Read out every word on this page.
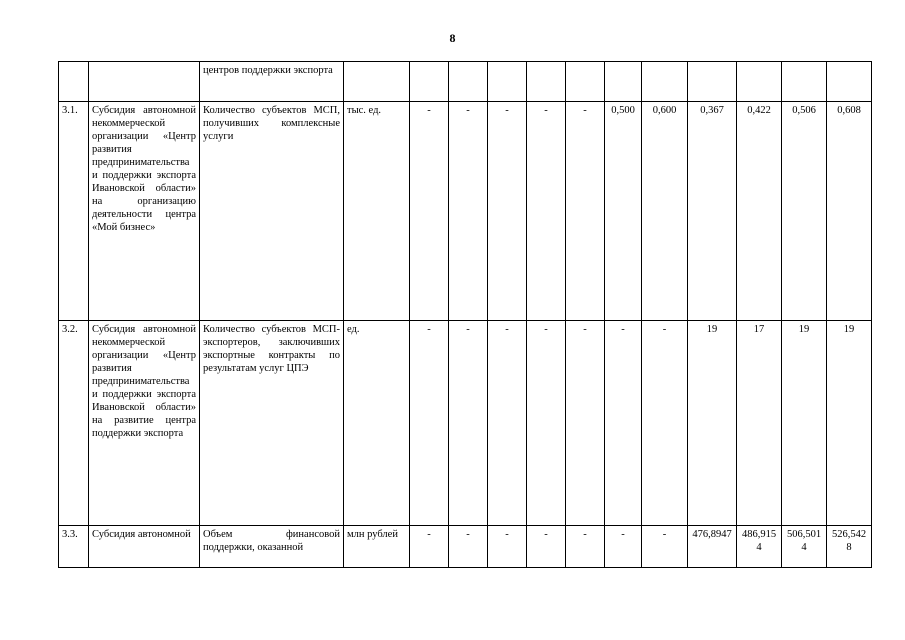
8
		центров поддержки экспорта												
3.1.	Субсидия автономной некоммерческой организации «Центр развития предпринимательства и поддержки экспорта Ивановской области» на организацию деятельности центра «Мой бизнес»	Количество субъектов МСП, получивших комплексные услуги	тыс. ед.	-	-	-	-	-	0,500	0,600	0,367	0,422	0,506	0,608
3.2.	Субсидия автономной некоммерческой организации «Центр развития предпринимательства и поддержки экспорта Ивановской области» на развитие центра поддержки экспорта	Количество субъектов МСП-экспортеров, заключивших экспортные контракты по результатам услуг ЦПЭ	ед.	-	-	-	-	-	-	-	19	17	19	19
3.3.	Субсидия автономной	Объем финансовой поддержки, оказанной	млн рублей	-	-	-	-	-	-	-	476,8947	486,9154	506,5014	526,5428
